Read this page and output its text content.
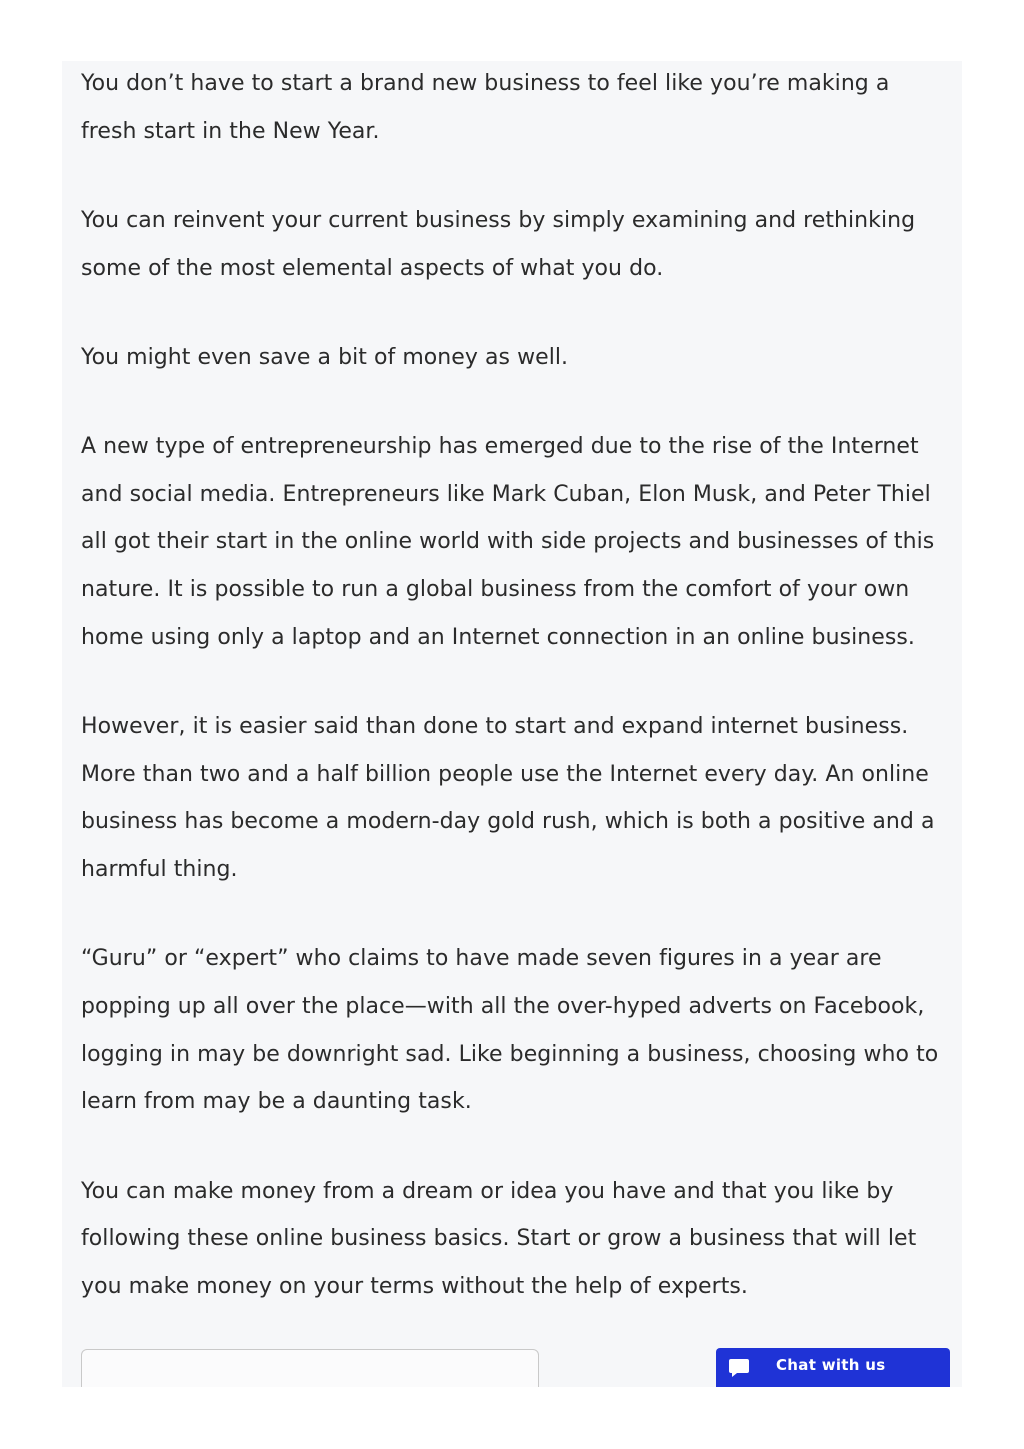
You don’t have to start a brand new business to feel like you’re making a fresh start in the New Year.

You can reinvent your current business by simply examining and rethinking some of the most elemental aspects of what you do.

You might even save a bit of money as well.

A new type of entrepreneurship has emerged due to the rise of the Internet and social media. Entrepreneurs like Mark Cuban, Elon Musk, and Peter Thiel all got their start in the online world with side projects and businesses of this nature. It is possible to run a global business from the comfort of your own home using only a laptop and an Internet connection in an online business.

However, it is easier said than done to start and expand internet business. More than two and a half billion people use the Internet every day. An online business has become a modern-day gold rush, which is both a positive and a harmful thing.

“Guru” or “expert” who claims to have made seven figures in a year are popping up all over the place—with all the over-hyped adverts on Facebook, logging in may be downright sad. Like beginning a business, choosing who to learn from may be a daunting task.

You can make money from a dream or idea you have and that you like by following these online business basics. Start or grow a business that will let you make money on your terms without the help of experts.

Chat with us
